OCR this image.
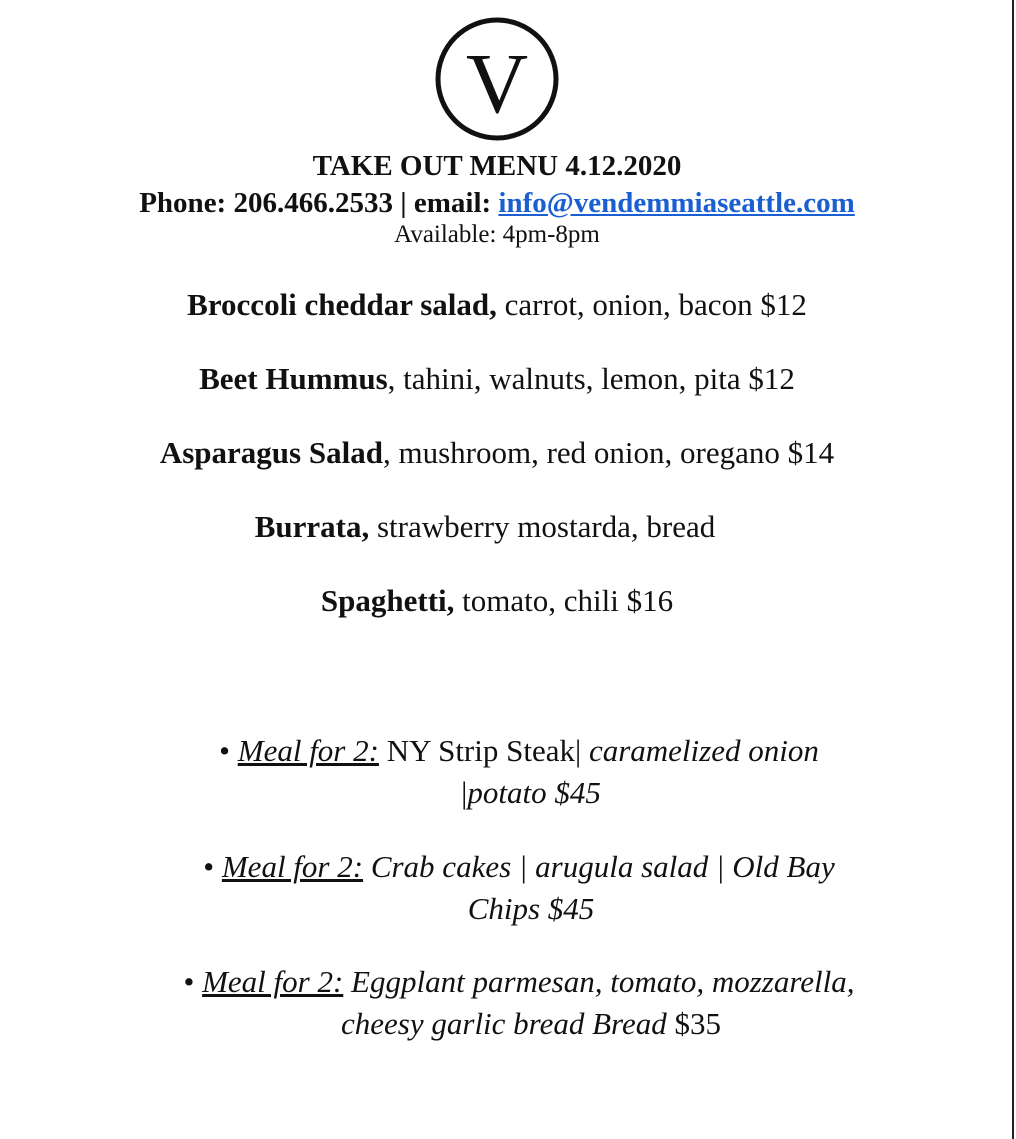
V
TAKE OUT MENU 4.12.2020
Phone: 206.466.2533 | email: info@vendemmiaseattle.com
Available: 4pm-8pm
Broccoli cheddar salad, carrot, onion, bacon $12
Beet Hummus, tahini, walnuts, lemon, pita $12
Asparagus Salad, mushroom, red onion, oregano $14
Burrata, strawberry mostarda, bread
Spaghetti, tomato, chili $16
• Meal for 2: NY Strip Steak| caramelized onion
|potato $45
• Meal for 2: Crab cakes | arugula salad | Old Bay
Chips $45
• Meal for 2: Eggplant parmesan, tomato, mozzarella,
cheesy garlic bread Bread $35
